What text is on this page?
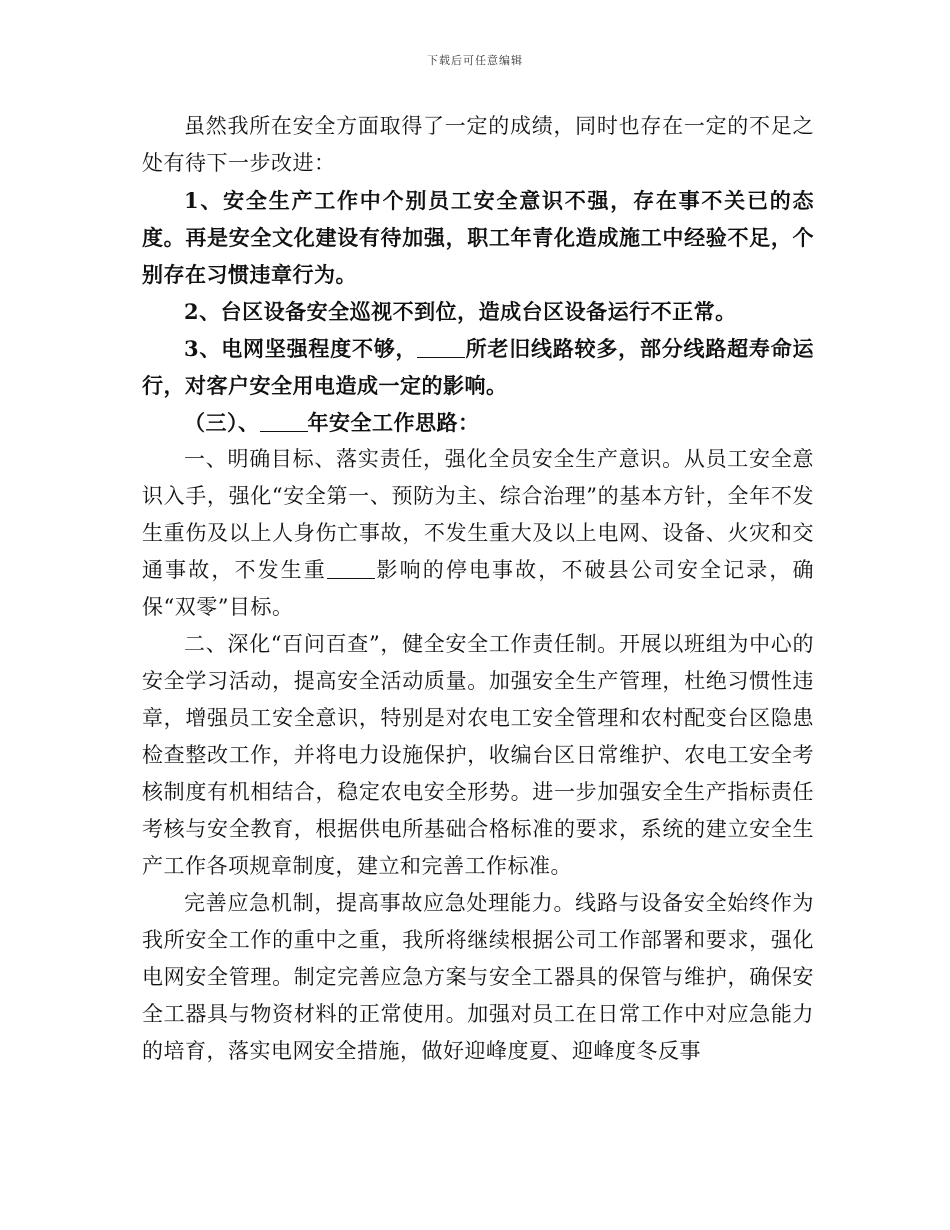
下载后可任意编辑

虽然我所在安全方面取得了一定的成绩，同时也存在一定的不足之处有待下一步改进：

1、安全生产工作中个别员工安全意识不强，存在事不关已的态度。再是安全文化建设有待加强，职工年青化造成施工中经验不足，个别存在习惯违章行为。

2、台区设备安全巡视不到位，造成台区设备运行不正常。

3、电网坚强程度不够， 所老旧线路较多，部分线路超寿命运行，对客户安全用电造成一定的影响。

（三）、 年安全工作思路：

一、明确目标、落实责任，强化全员安全生产意识。从员工安全意识入手，强化“安全第一、预防为主、综合治理”的基本方针，全年不发生重伤及以上人身伤亡事故，不发生重大及以上电网、设备、火灾和交通事故，不发生重 影响的停电事故，不破县公司安全记录，确保“双零”目标。

二、深化“百问百查”，健全安全工作责任制。开展以班组为中心的安全学习活动，提高安全活动质量。加强安全生产管理，杜绝习惯性违章，增强员工安全意识，特别是对农电工安全管理和农村配变台区隐患检查整改工作，并将电力设施保护，收编台区日常维护、农电工安全考核制度有机相结合，稳定农电安全形势。进一步加强安全生产指标责任考核与安全教育，根据供电所基础合格标准的要求，系统的建立安全生产工作各项规章制度，建立和完善工作标准。

完善应急机制，提高事故应急处理能力。线路与设备安全始终作为我所安全工作的重中之重，我所将继续根据公司工作部署和要求，强化电网安全管理。制定完善应急方案与安全工器具的保管与维护，确保安全工器具与物资材料的正常使用。加强对员工在日常工作中对应急能力的培育，落实电网安全措施，做好迎峰度夏、迎峰度冬反事
